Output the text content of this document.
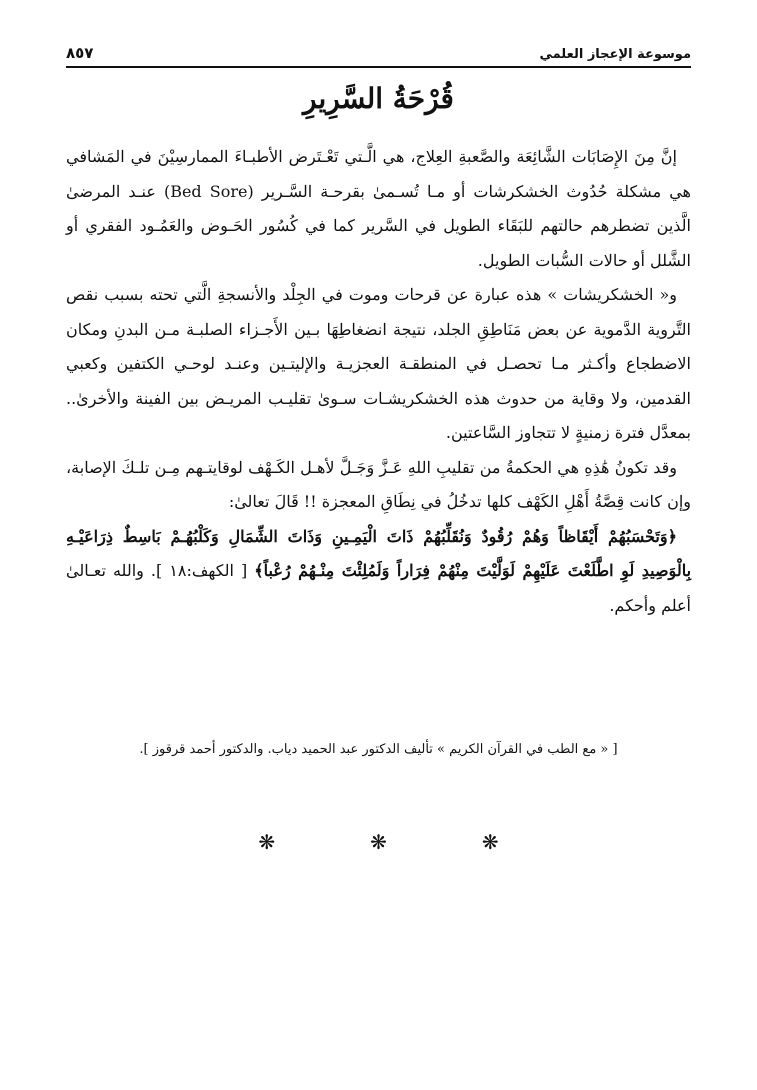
موسوعة الإعجاز العلمي
٨٥٧
قُرْحَةُ السَّرِيرِ

إنَّ مِنَ الإِصَابَات الشَّائِعَة والصَّعبةِ العِلاج، هي الَّـتي تَعْـتَرض الأطبـاءَ الممارسِيْنَ في المَشافي هي مشكلة حُدُوث الخشكرشات أو مـا تُسـمىٰ بقرحـة السَّـرير (Bed Sore) عنـد المرضىٰ الَّذين تضطرهم حالتهم للبَقَاء الطويل في السَّرير كما في كُسُور الحَـوض والعَمُـود الفقري أو الشَّلل أو حالات السُّبات الطويل.

و« الخشكريشات » هذه عبارة عن قرحات وموت في الجِلْد والأنسجةِ الَّتي تحته بسبب نقص التَّروية الدَّموية عن بعض مَنَاطِقِ الجلد، نتيجة انضغاطِهَا بـين الأَجـزاء الصلبـة مـن البدنِ ومكان الاضطجاع وأكـثر مـا تحصـل في المنطقـة العجزيـة والإليتـين وعنـد لوحـي الكتفين وكعبي القدمين، ولا وقاية من حدوث هذه الخشكريشـات سـوىٰ تقليـب المريـض بين الفينة والأخرىٰ.. بمعدَّل فترة زمنيةٍ لا تتجاوز السَّاعتين.

وقد تكونُ هَٰذِهِ هي الحكمةُ من تقليبِ اللهِ عَـزَّ وَجَـلَّ لأهـل الكَـهْف لوقايتـهم مِـن تلـكَ الإصابة، وإن كانت قِصَّةُ أَهْلِ الكَهْف كلها تدخُلُ في نِطَاقِ المعجزة !! قَالَ تعالىٰ:

﴿وَتَحْسَبُهُمْ أَيْقَاظاً وَهُمْ رُقُودٌ وَنُقَلِّبُهُمْ ذَاتَ الْيَمِـينِ وَذَاتَ الشِّمَالِ وَكَلْبُهُـمْ بَاسِطٌ ذِرَاعَيْـهِ بِالْوَصِيدِ لَوِ اطَّلَعْتَ عَلَيْهِمْ لَوَلَّيْتَ مِنْهُمْ فِرَاراً وَلَمُلِئْتَ مِنْـهُمْ رُعْباً﴾ [ الكهف:١٨ ]. والله تعـالىٰ أعلم وأحكم.

[ « مع الطب في القرآن الكريم » تأليف الدكتور عبد الحميد دياب. والدكتور أحمد قرقوز ].
❋
❋
❋
